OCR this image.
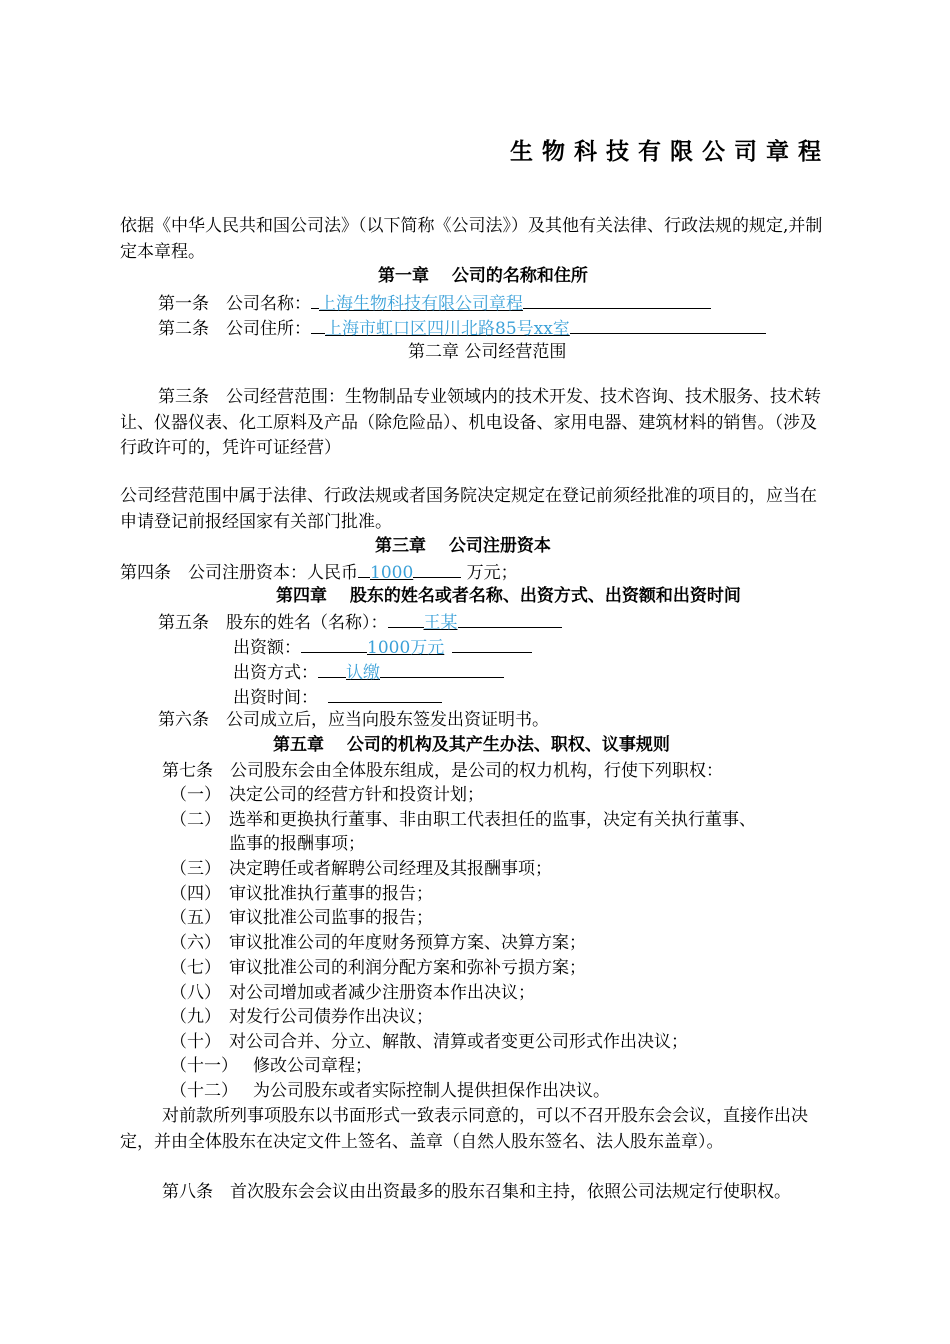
生物科技有限公司章程
依据《中华人民共和国公司法》（以下简称《公司法》）及其他有关法律、行政法规的规定,并制定本章程。
第一章　 公司的名称和住所
第一条　公司名称： 上海生物科技有限公司章程
第二条　公司住所： 上海市虹口区四川北路85号xx室
第二章 公司经营范围
第三条　公司经营范围：生物制品专业领域内的技术开发、技术咨询、技术服务、技术转让、仪器仪表、化工原料及产品（除危险品）、机电设备、家用电器、建筑材料的销售。（涉及行政许可的，凭许可证经营）
公司经营范围中属于法律、行政法规或者国务院决定规定在登记前须经批准的项目的，应当在申请登记前报经国家有关部门批准。
第三章　 公司注册资本
第四条　公司注册资本：人民币 1000	万元；
第四章　 股东的姓名或者名称、出资方式、出资额和出资时间
第五条　股东的姓名（名称）： 王某
出资额：	1000万元
出资方式： 认缴
出资时间：
第六条　公司成立后，应当向股东签发出资证明书。
第五章　 公司的机构及其产生办法、职权、议事规则
第七条　公司股东会由全体股东组成，是公司的权力机构，行使下列职权：
（一） 决定公司的经营方针和投资计划；
（二） 选举和更换执行董事、非由职工代表担任的监事，决定有关执行董事、
监事的报酬事项；
（三） 决定聘任或者解聘公司经理及其报酬事项；
（四） 审议批准执行董事的报告；
（五） 审议批准公司监事的报告；
（六） 审议批准公司的年度财务预算方案、决算方案；
（七） 审议批准公司的利润分配方案和弥补亏损方案；
（八） 对公司增加或者减少注册资本作出决议；
（九） 对发行公司债券作出决议；
（十） 对公司合并、分立、解散、清算或者变更公司形式作出决议；
（十一） 修改公司章程；
（十二） 为公司股东或者实际控制人提供担保作出决议。
对前款所列事项股东以书面形式一致表示同意的，可以不召开股东会会议，直接作出决定，并由全体股东在决定文件上签名、盖章（自然人股东签名、法人股东盖章）。
第八条　首次股东会会议由出资最多的股东召集和主持，依照公司法规定行使职权。
